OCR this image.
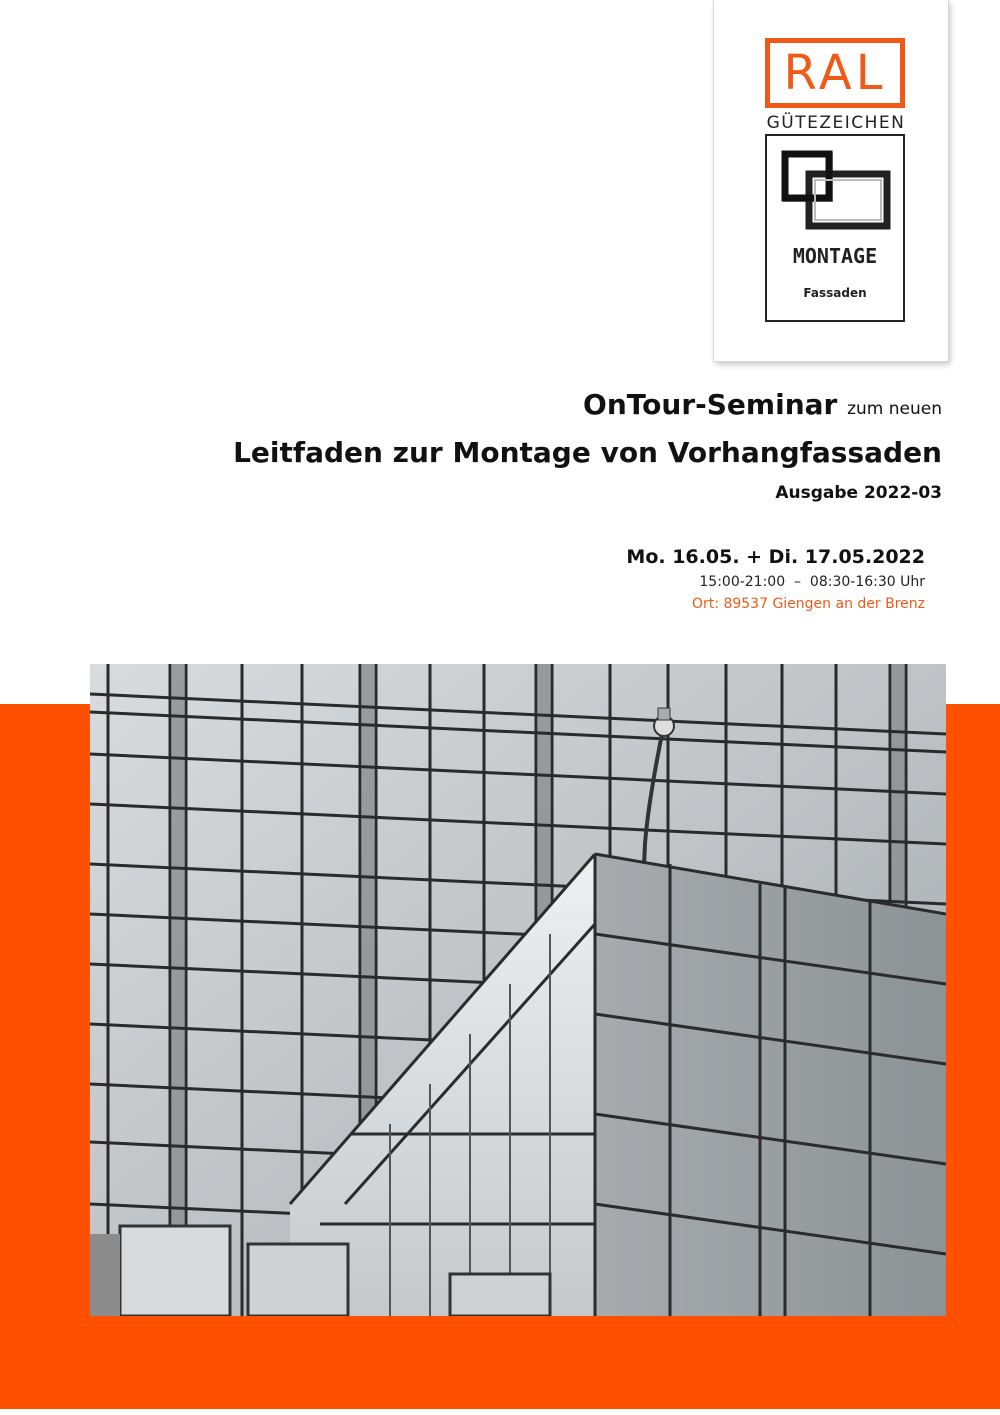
RAL
GÜTEZEICHEN
MONTAGE
Fassaden
OnTour-Seminar zum neuen
Leitfaden zur Montage von Vorhangfassaden
Ausgabe 2022-03
Mo. 16.05. + Di. 17.05.2022
15:00-21:00  –  08:30-16:30 Uhr
Ort: 89537 Giengen an der Brenz
